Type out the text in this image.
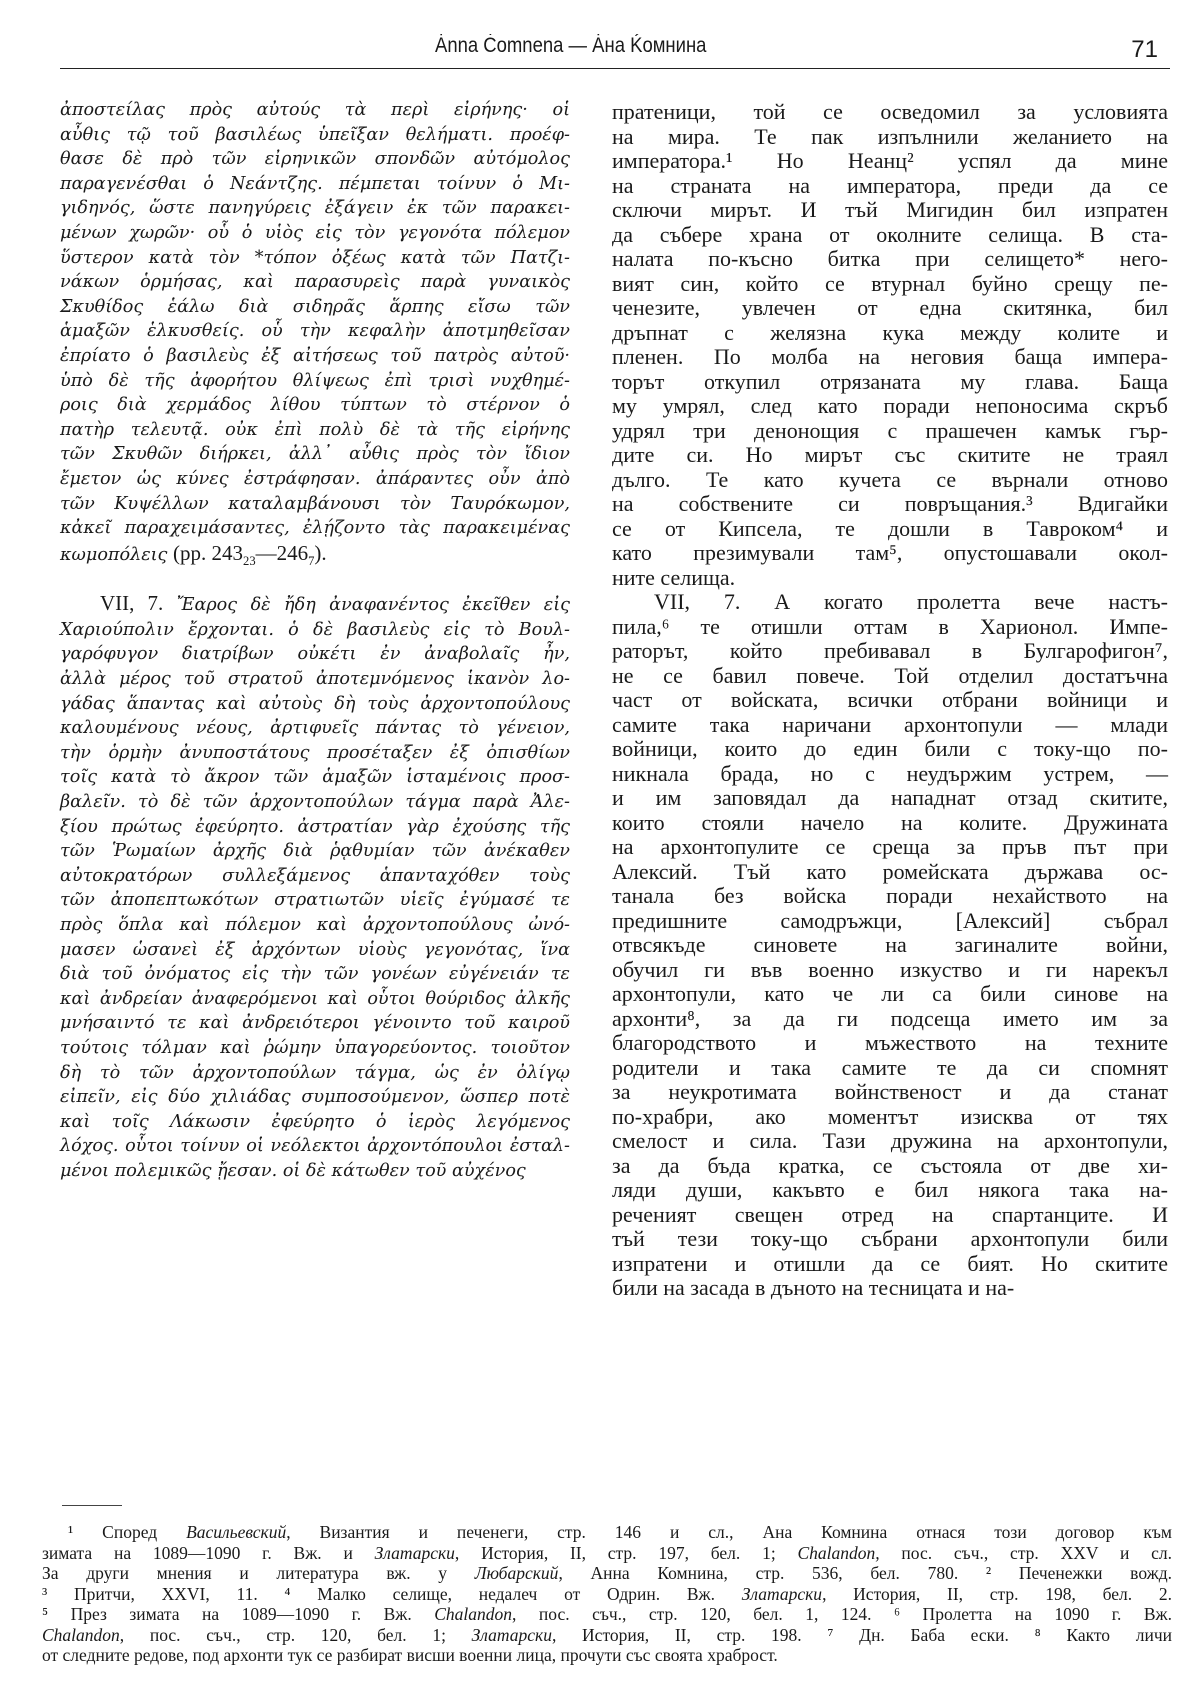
Ȧnna Ċomnena — Ȧна Ḱомнина	71
ἀποστείλας πρὸς αὐτούς τὰ περὶ εἰρήνης· οἱ
αὖθις τῷ τοῦ βασιλέως ὑπεῖξαν θελήματι. προέφ-
θασε δὲ πρὸ τῶν εἰρηνικῶν σπονδῶν αὐτόμολος
παραγενέσθαι ὁ Νεάντζης. πέμπεται τοίνυν ὁ Μι-
γιδηνός, ὥστε πανηγύρεις ἐξάγειν ἐκ τῶν παρακει-
μένων χωρῶν· οὗ ὁ υἱὸς εἰς τὸν γεγονότα πόλεμον
ὕστερον κατὰ τὸν *τόπον ὀξέως κατὰ τῶν Πατζι-
νάκων ὁρμήσας, καὶ παρασυρεὶς παρὰ γυναικὸς
Σκυθίδος ἑάλω διὰ σιδηρᾶς ἅρπης εἴσω τῶν
ἁμαξῶν ἑλκυσθείς. οὗ τὴν κεφαλὴν ἀποτμηθεῖσαν
ἐπρίατο ὁ βασιλεὺς ἐξ αἰτήσεως τοῦ πατρὸς αὐτοῦ·
ὑπὸ δὲ τῆς ἀφορήτου θλίψεως ἐπὶ τρισὶ νυχθημέ-
ροις διὰ χερμάδος λίθου τύπτων τὸ στέρνον ὁ
πατὴρ τελευτᾷ. οὐκ ἐπὶ πολὺ δὲ τὰ τῆς εἰρήνης
τῶν Σκυθῶν διήρκει, ἀλλ᾽ αὖθις πρὸς τὸν ἴδιον
ἔμετον ὡς κύνες ἐστράφησαν. ἀπάραντες οὖν ἀπὸ
τῶν Κυψέλλων καταλαμβάνουσι τὸν Ταυρόκωμον,
κἀκεῖ παραχειμάσαντες, ἐλῄζοντο τὰς παρακειμένας
κωμοπόλεις (pp. $243_{23}—246_7$).
VII, 7. Ἔαρος δὲ ἤδη ἀναφανέντος ἐκεῖθεν εἰς
Χαριούπολιν ἔρχονται. ὁ δὲ βασιλεὺς εἰς τὸ Βουλ-
γαρόφυγον διατρίβων οὐκέτι ἐν ἀναβολαῖς ἦν,
ἀλλὰ μέρος τοῦ στρατοῦ ἀποτεμνόμενος ἱκανὸν λο-
γάδας ἅπαντας καὶ αὐτοὺς δὴ τοὺς ἀρχοντοπούλους
καλουμένους νέους, ἀρτιφυεῖς πάντας τὸ γένειον,
τὴν ὁρμὴν ἀνυποστάτους προσέταξεν ἐξ ὀπισθίων
τοῖς κατὰ τὸ ἄκρον τῶν ἁμαξῶν ἱσταμένοις προσ-
βαλεῖν. τὸ δὲ τῶν ἀρχοντοπούλων τάγμα παρὰ Ἀλε-
ξίου πρώτως ἐφεύρητο. ἀστρατίαν γὰρ ἐχούσης τῆς
τῶν Ῥωμαίων ἀρχῆς διὰ ῥᾳθυμίαν τῶν ἀνέκαθεν
αὐτοκρατόρων συλλεξάμενος ἁπανταχόθεν τοὺς
τῶν ἀποπεπτωκότων στρατιωτῶν υἱεῖς ἐγύμασέ τε
πρὸς ὅπλα καὶ πόλεμον καὶ ἀρχοντοπούλους ὠνό-
μασεν ὡσανεὶ ἐξ ἀρχόντων υἱοὺς γεγονότας, ἵνα
διὰ τοῦ ὀνόματος εἰς τὴν τῶν γονέων εὐγένειάν τε
καὶ ἀνδρείαν ἀναφερόμενοι καὶ οὗτοι θούριδος ἀλκῆς
μνήσαιντό τε καὶ ἀνδρειότεροι γένοιντο τοῦ καιροῦ
τούτοις τόλμαν καὶ ῥώμην ὑπαγορεύοντος. τοιοῦτον
δὴ τὸ τῶν ἀρχοντοπούλων τάγμα, ὡς ἐν ὀλίγῳ
εἰπεῖν, εἰς δύο χιλιάδας συμποσούμενον, ὥσπερ ποτὲ
καὶ τοῖς Λάκωσιν ἐφεύρητο ὁ ἱερὸς λεγόμενος
λόχος. οὗτοι τοίνυν οἱ νεόλεκτοι ἀρχοντόπουλοι ἐσταλ-
μένοι πολεμικῶς ᾔεσαν. οἱ δὲ κάτωθεν τοῦ αὐχένος
пратеници, той се осведомил за условията
на мира. Те пак изпълнили желанието на
императора.¹ Но Неанц² успял да мине
на страната на императора, преди да се
сключи мирът. И тъй Мигидин бил изпратен
да събере храна от околните селища. В ста-
налата по-късно битка при селището* него-
вият син, който се втурнал буйно срещу пе-
ченезите, увлечен от една скитянка, бил
дръпнат с желязна кука между колите и
пленен. По молба на неговия баща импера-
торът откупил отрязаната му глава. Баща
му умрял, след като поради непоносима скръб
удрял три денонощия с прашечен камък гър-
дите си. Но мирът със скитите не траял
дълго. Те като кучета се върнали отново
на собствените си повръщания.³ Вдигайки
се от Кипсела, те дошли в Тавроком⁴ и
като презимували там⁵, опустошавали окол-
ните селища.
VII, 7. А когато пролетта вече настъ-
пила,⁶ те отишли оттам в Харионол. Импе-
раторът, който пребивавал в Булгарофигон⁷,
не се бавил повече. Той отделил достатъчна
част от войската, всички отбрани войници и
самите така наричани архонтопули — млади
войници, които до един били с току-що по-
никнала брада, но с неудържим устрем, —
и им заповядал да нападнат отзад скитите,
които стояли начело на колите. Дружината
на архонтопулите се среща за пръв път при
Алексий. Тъй като ромейската държава ос-
танала без войска поради нехайството на
предишните самодръжци, [Алексий] събрал
отвсякъде синовете на загиналите войни,
обучил ги във военно изкуство и ги нарекъл
архонтопули, като че ли са били синове на
архонти⁸, за да ги подсеща името им за
благородството и мъжеството на техните
родители и така самите те да си спомнят
за неукротимата войнственост и да станат
по-храбри, ако моментът изисква от тях
смелост и сила. Тази дружина на архонтопули,
за да бъда кратка, се състояла от две хи-
ляди души, какъвто е бил някога така на-
реченият свещен отред на спартанците. И
тъй тези току-що събрани архонтопули били
изпратени и отишли да се бият. Но скитите
били на засада в дъното на тесницата и на-
¹ Според Васильевский, Византия и печенеги, стр. 146 и сл., Ана Комнина отнася този договор към
зимата на 1089—1090 г. Вж. и Златарски, История, II, стр. 197, бел. 1; Chalandon, пос. съч., стр. XXV и сл.
За други мнения и литература вж. у Любарский, Анна Комнина, стр. 536, бел. 780. ² Печенежки вожд.
³ Притчи, XXVI, 11. ⁴ Малко селище, недалеч от Одрин. Вж. Златарски, История, II, стр. 198, бел. 2.
⁵ През зимата на 1089—1090 г. Вж. Chalandon, пос. съч., стр. 120, бел. 1, 124. ⁶ Пролетта на 1090 г. Вж.
Chalandon, пос. съч., стр. 120, бел. 1; Златарски, История, II, стр. 198. ⁷ Дн. Баба ески. ⁸ Както личи
от следните редове, под архонти тук се разбират висши военни лица, прочути със своята храброст.
